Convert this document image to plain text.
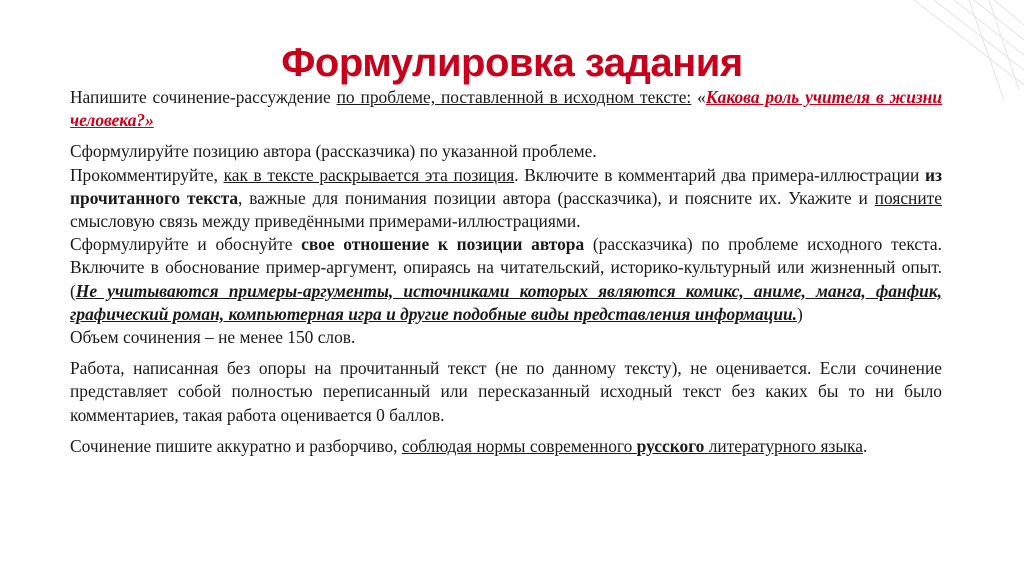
Формулировка задания

Напишите сочинение-рассуждение по проблеме, поставленной в исходном тексте: «Какова роль учителя в жизни человека?»

Сформулируйте позицию автора (рассказчика) по указанной проблеме.

Прокомментируйте, как в тексте раскрывается эта позиция. Включите в комментарий два примера-иллюстрации из прочитанного текста, важные для понимания позиции автора (рассказчика), и поясните их. Укажите и поясните смысловую связь между приведёнными примерами-иллюстрациями.

Сформулируйте и обоснуйте свое отношение к позиции автора (рассказчика) по проблеме исходного текста. Включите в обоснование пример-аргумент, опираясь на читательский, историко-культурный или жизненный опыт. (Не учитываются примеры-аргументы, источниками которых являются комикс, аниме, манга, фанфик, графический роман, компьютерная игра и другие подобные виды представления информации.)

Объем сочинения – не менее 150 слов.

Работа, написанная без опоры на прочитанный текст (не по данному тексту), не оценивается. Если сочинение представляет собой полностью переписанный или пересказанный исходный текст без каких бы то ни было комментариев, такая работа оценивается 0 баллов.

Сочинение пишите аккуратно и разборчиво, соблюдая нормы современного русского литературного языка.
